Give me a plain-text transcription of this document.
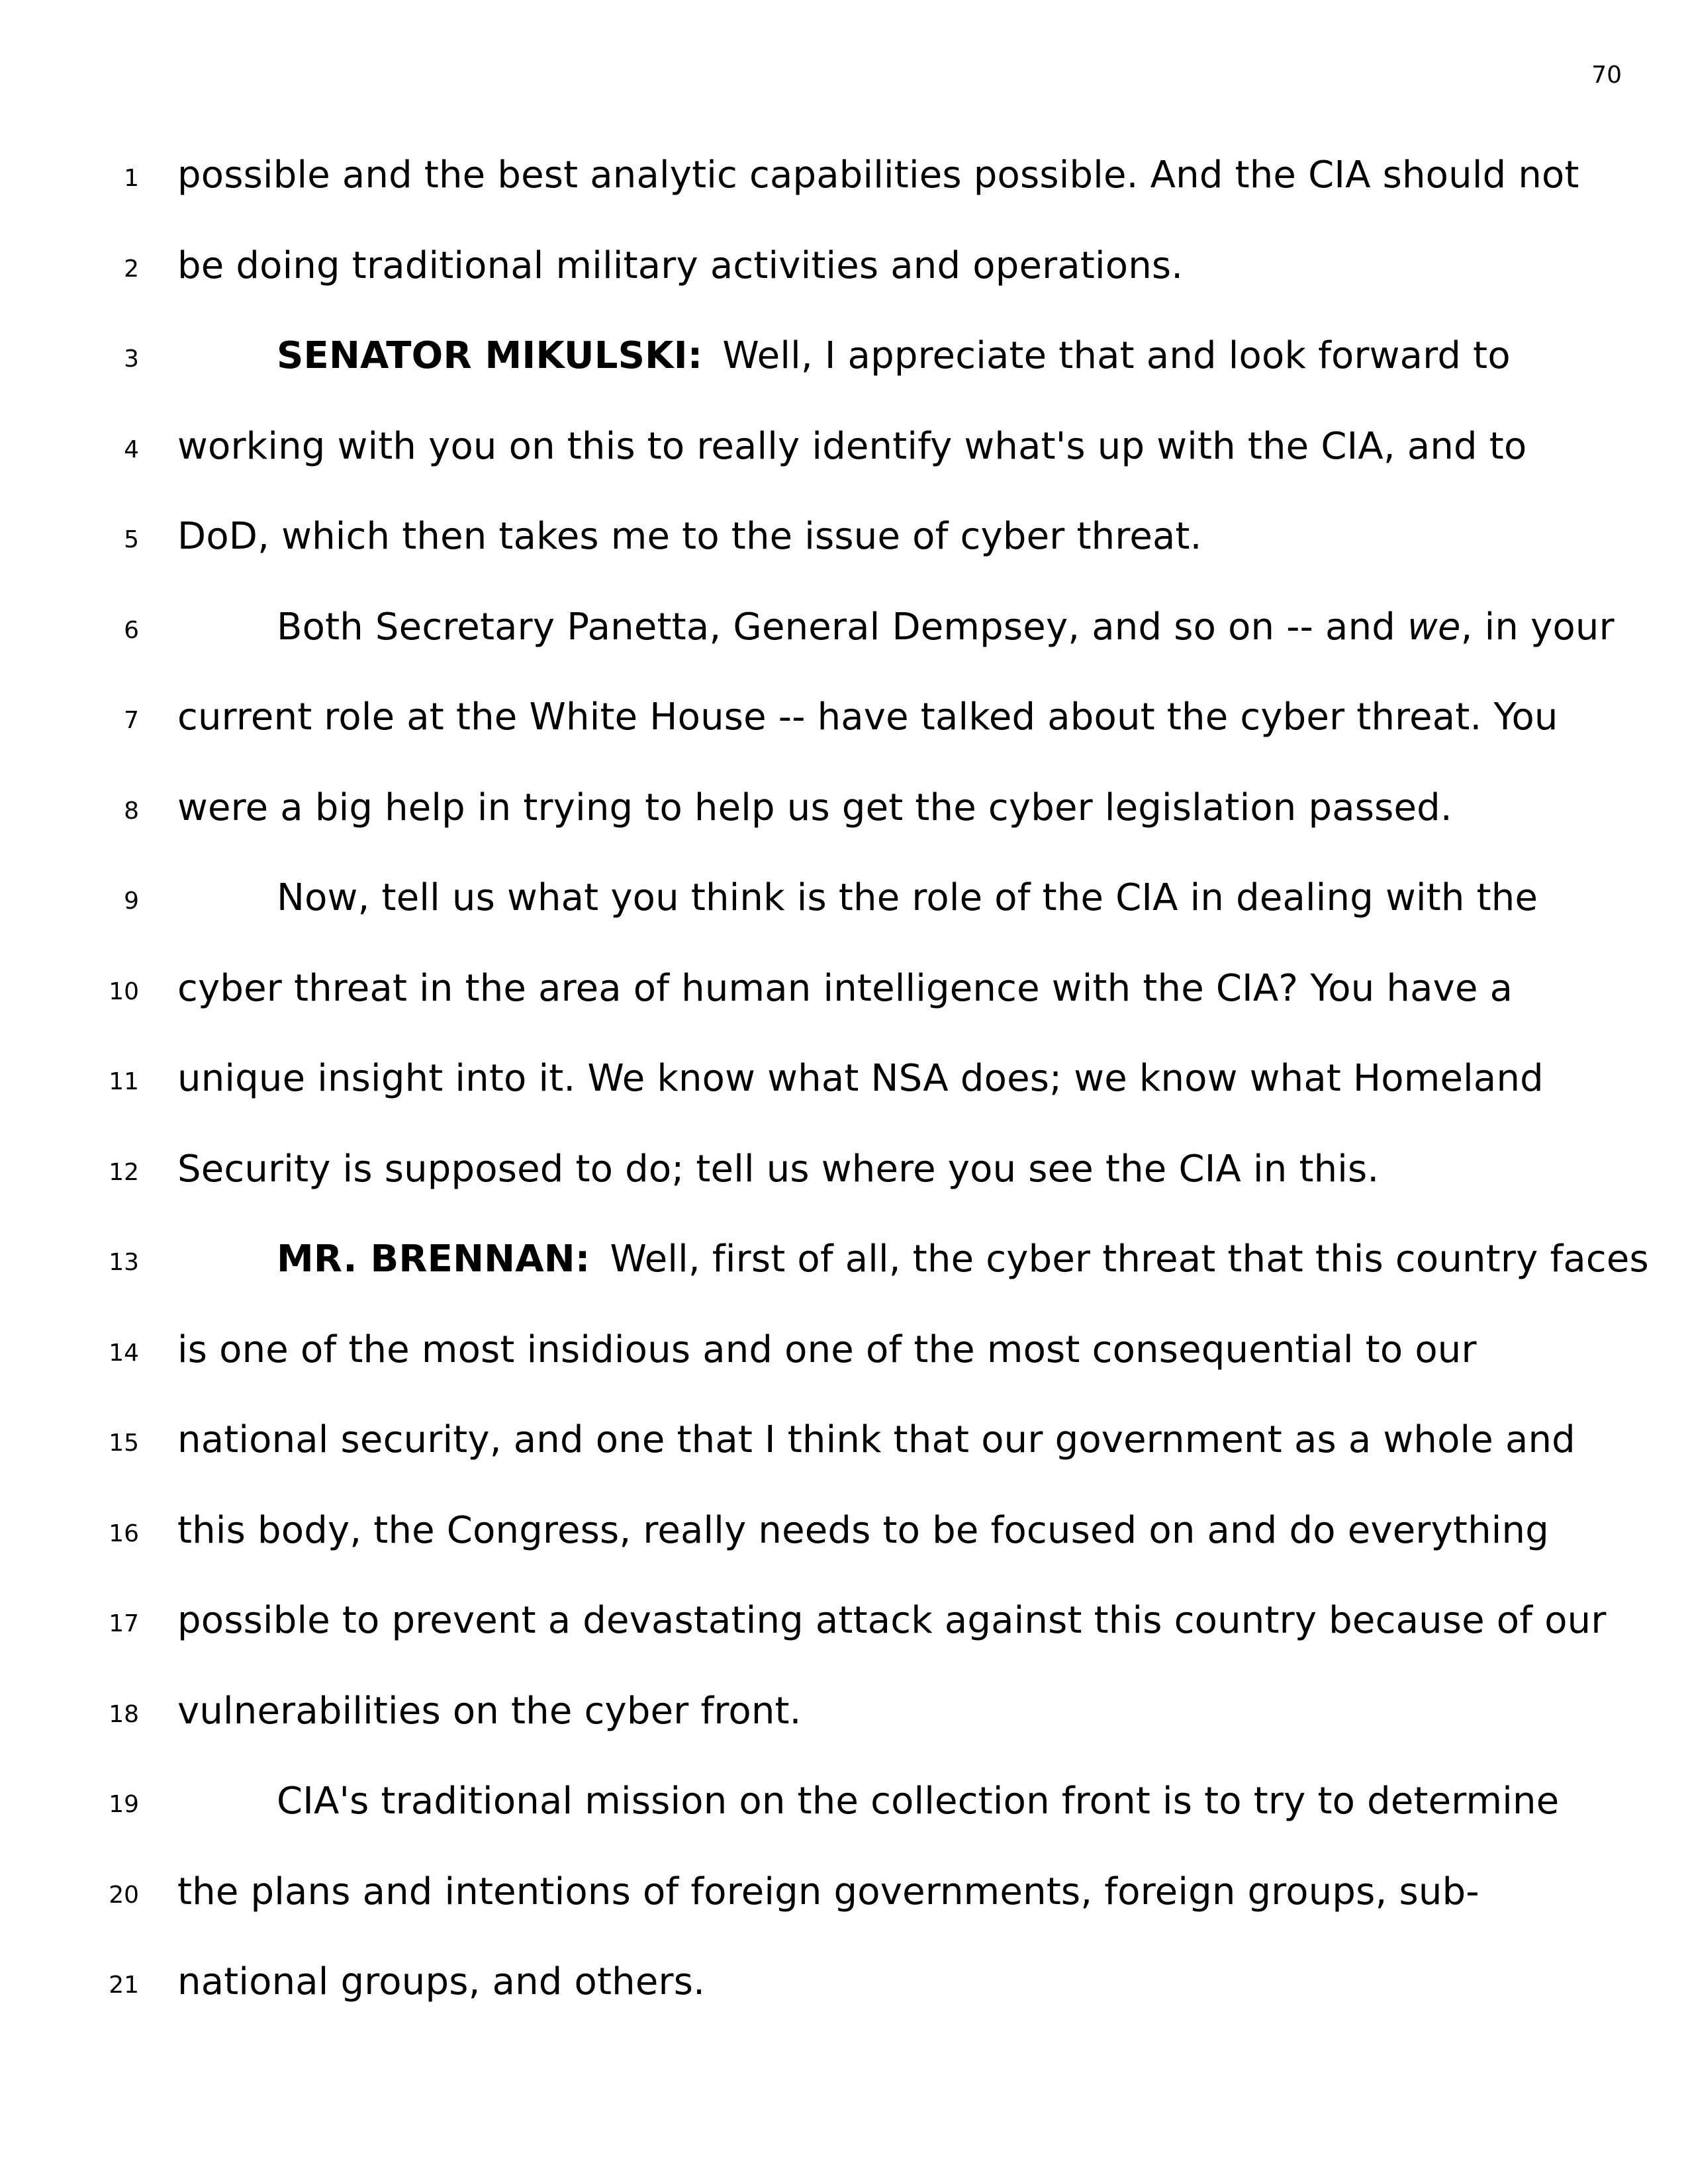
70
1 possible and the best analytic capabilities possible. And the CIA should not
2 be doing traditional military activities and operations.
3	SENATOR MIKULSKI: Well, I appreciate that and look forward to
4 working with you on this to really identify what's up with the CIA, and to
5 DoD, which then takes me to the issue of cyber threat.
6	Both Secretary Panetta, General Dempsey, and so on -- and we, in your
7 current role at the White House -- have talked about the cyber threat. You
8 were a big help in trying to help us get the cyber legislation passed.
9	Now, tell us what you think is the role of the CIA in dealing with the
10 cyber threat in the area of human intelligence with the CIA? You have a
11 unique insight into it. We know what NSA does; we know what Homeland
12 Security is supposed to do; tell us where you see the CIA in this.
13	MR. BRENNAN: Well, first of all, the cyber threat that this country faces
14 is one of the most insidious and one of the most consequential to our
15 national security, and one that I think that our government as a whole and
16 this body, the Congress, really needs to be focused on and do everything
17 possible to prevent a devastating attack against this country because of our
18 vulnerabilities on the cyber front.
19	CIA's traditional mission on the collection front is to try to determine
20 the plans and intentions of foreign governments, foreign groups, sub-
21 national groups, and others.
